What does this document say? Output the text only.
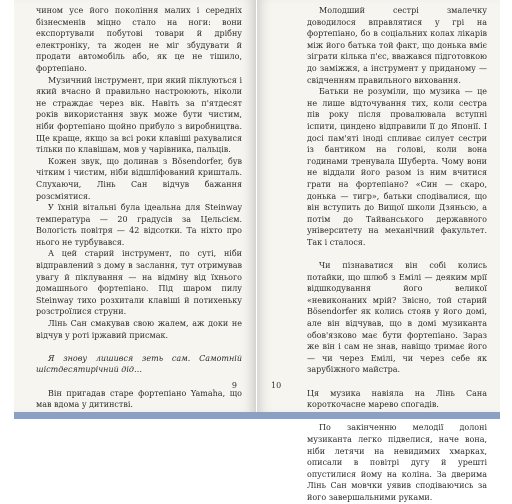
чином усе його покоління малих і середніх бізнесменів міцно стало на ноги: вони експортували побутові товари й дрібну електроніку, та жоден не міг збудувати й продати автомобіль або, як це не тішило, фортепіано.

Музичний інструмент, при який піклуються і який вчасно й правильно настроюють, ніколи не страждає через вік. Навіть за п'ятдесят років використання звук може бути чистим, ніби фортепіано щойно прибуло з виробництва. Ще краще, якщо за всі роки клавіші рахувалися тільки по клавішам, мов у чарівника, пальців.

Кожен звук, що долинав з Bösendorfer, був чітким і чистим, ніби відшліфований кришталь. Слухаючи, Лінь Сан відчув бажання розсміятися.

У їхній вітальні була ідеальна для Steinway температура — 20 градусів за Цельсієм. Вологість повітря — 42 відсотки. Та ніхто про нього не турбувався.

А цей старий інструмент, по суті, ніби відправлений з дому в заслання, тут отримував увагу й піклування — на відміну від їхнього домашнього фортепіано. Під шаром пилу Steinway тихо розхитали клавіші й потихеньку розстроїлися струни.

Лінь Сан смакував свою жалем, аж доки не відчув у роті іржавий присмак.

Я знову лишився зеть сам. Самотній шістдесятирічний дід…

Він пригадав старе фортепіано Yamaha, що мав вдома у дитинстві.

9

Молодший сестрі змалечку доводилося вправлятися у грі на фортепіано, бо в соціальних колах лікарів між його батька той факт, що донька вміє зіграти кілька п'єс, вважався підготовкою до заміжжя, а інструмент у приданому — свідченням правильного виховання.

Батьки не розуміли, що музика — це не лише відточування тих, коли сестра пів року після провалювала вступні іспити, циндено відправили її до Японії. І досі пам'яті іноді спливає силует сестри із бантиком на голові, коли вона годинами тренувала Шуберта. Чому вони не віддали його разом із ним вчитися грати на фортепіано? «Син — скаро, донька — тигр», батьки сподівалися, що він вступить до Вищої школи Дзяньсю, а потім до Тайванського державного університету на механічний факультет. Так і сталося.

Чи пізнаватися він собі колись потайки, що шлюб з Емілі — деяким мрії відшкодування його великої «невиконаних мрій? Звісно, той старий Bösendorfer як колись стояв у його домі, але він відчував, що в домі музиканта обов'язково має бути фортепіано. Зараз же він і сам не знав, навіщо тримає його — чи через Емілі, чи через себе як зарубіжного майстра.

Ця музика навіяла на Лінь Сана короткочасне марево спогадів.

По закінченню мелодії долоні музиканта легко підвелися, наче вона, ніби летячи на невидимих хмарках, описали в повітрі дугу й урешті опустилися йому на коліна. За дверима Лінь Сан мовчки уявив сподіваючись за його завершальними руками.

10
